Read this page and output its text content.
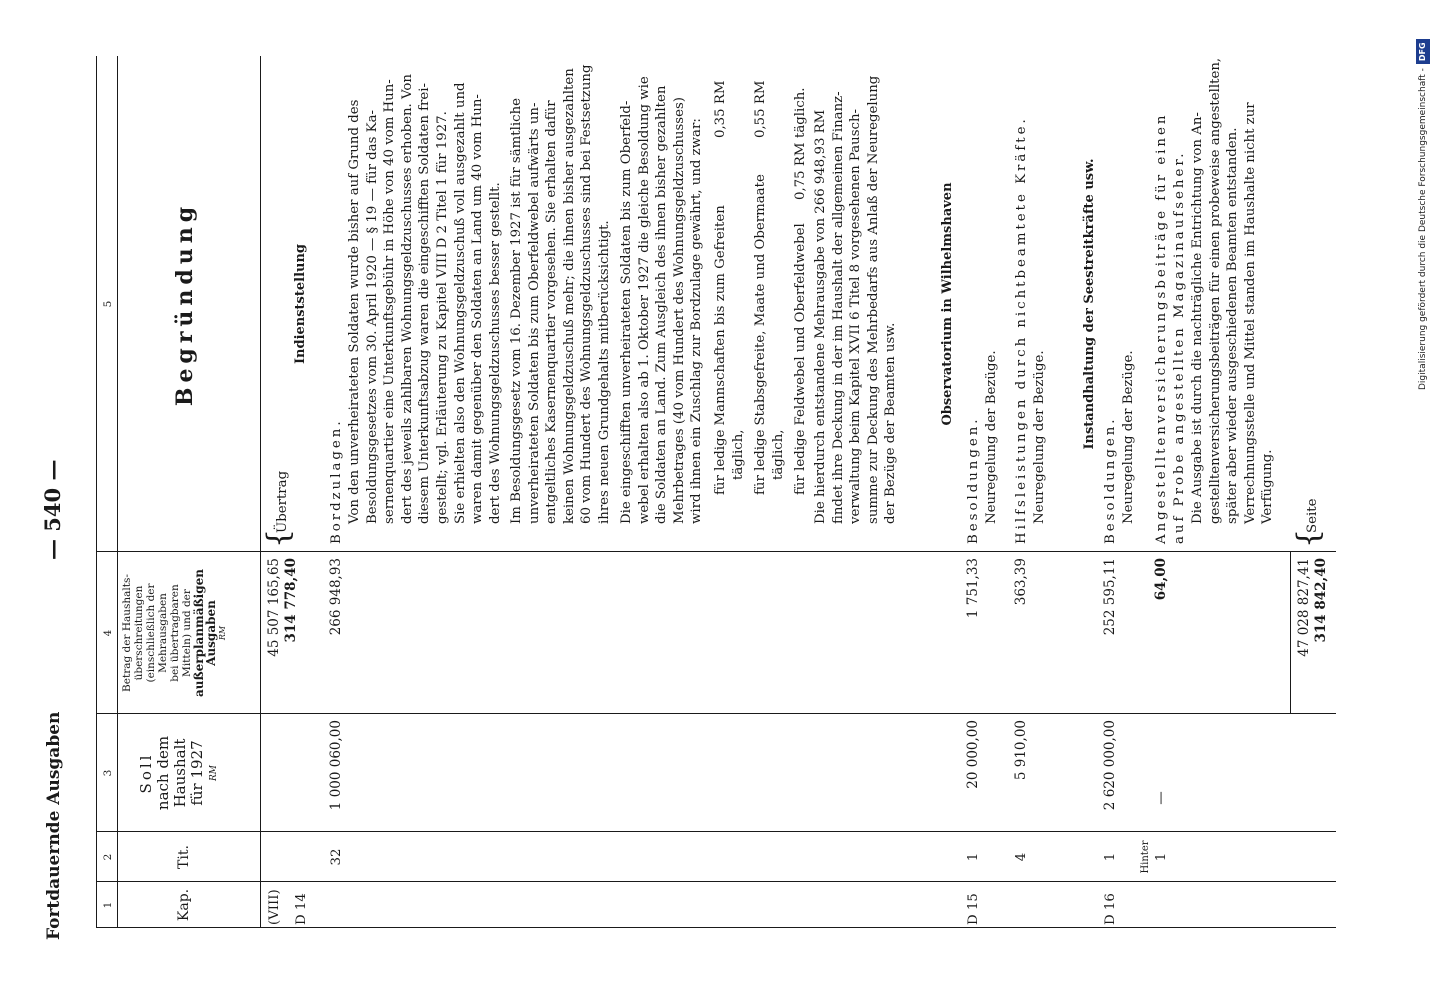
Fortdauernde Ausgaben
— 540 —
1
2
3
4
5
Kap.
Tit.
Soll nach dem Haushalt für 1927 RM
Betrag der Haushalts- überschreitungen (einschließlich der Mehrausgaben bei übertragbaren Mitteln) und der außerplanmäßigen
Ausgaben RM
Begründung
(VIII)
45 507 165,65 314 778,40
{
Übertrag
D 14
Indienststellung
32
1 000 060,00
266 948,93
Bordzulagen. Von den unverheirateten Soldaten wurde bisher auf Grund des Besoldungsgesetzes vom 30. April 1920 — § 19 — für das Ka- sernenquartier eine Unterkunftsgebühr in Höhe von 40 vom Hun- dert des jeweils zahlbaren Wohnungsgeldzuschusses erhoben. Von diesem Unterkunftsabzug waren die eingeschifften Soldaten frei- gestellt; vgl. Erläuterung zu Kapitel VIII D 2 Titel 1 für 1927. Sie erhielten also den Wohnungsgeldzuschuß voll ausgezahlt und waren damit gegenüber den Soldaten an Land um 40 vom Hun- dert des Wohnungsgeldzuschusses besser gestellt. Im Besoldungsgesetz vom 16. Dezember 1927 ist für sämtliche unverheirateten Soldaten bis zum Oberfeldwebel aufwärts un- entgeltliches Kasernenquartier vorgesehen. Sie erhalten dafür keinen Wohnungsgeldzuschuß mehr; die ihnen bisher ausgezahlten 60 vom Hundert des Wohnungsgeldzuschusses sind bei Festsetzung ihres neuen Grundgehalts mitberücksichtigt. Die eingeschifften unverheirateten Soldaten bis zum Oberfeld- webel erhalten also ab 1. Oktober 1927 die gleiche Besoldung wie die Soldaten an Land. Zum Ausgleich des ihnen bisher gezahlten Mehrbetrages (40 vom Hundert des Wohnungsgeldzuschusses) wird ihnen ein Zuschlag zur Bordzulage gewährt, und zwar: für ledige Mannschaften bis zum Gefreiten
0,35 RM
täglich, für ledige Stabsgefreite, Maate und Obermaate
0,55 RM
täglich, für ledige Feldwebel und Oberfeldwebel
0,75 RM
täglich. Die hierdurch entstandene Mehrausgabe von 266 948,93 RM findet ihre Deckung in der im Haushalt der allgemeinen Finanz- verwaltung beim Kapitel XVII 6 Titel 8 vorgesehenen Pausch- summe zur Deckung des Mehrbedarfs aus Anlaß der Neuregelung der Bezüge der Beamten usw.	Observatorium in Wilhelmshaven
D 15
1
20 000,00
1 751,33
Besoldungen. Neuregelung der Bezüge.
4
5 910,00
363,39
Hilfsleistungen durch nichtbeamtete Kräfte. Neuregelung der Bezüge.	Instandhaltung der Seestreitkräfte usw.
D 16
1
2 620 000,00
252 595,11
Besoldungen. Neuregelung der Bezüge.
Hinter 1
—
64,00
Angestelltenversicherungsbeiträge für einen auf Probe angestellten Magazinaufseher. Die Ausgabe ist durch die nachträgliche Entrichtung von An- gestelltenversicherungsbeiträgen für einen probeweise angestellten, später aber wieder ausgeschiedenen Beamten entstanden. Verrechnungsstelle und Mittel standen im Haushalte nicht zur Verfügung.
47 028 827,41 314 842,40
{
Seite
Digitalisierung gefördert durch die Deutsche Forschungsgemeinschaft -
DFG
